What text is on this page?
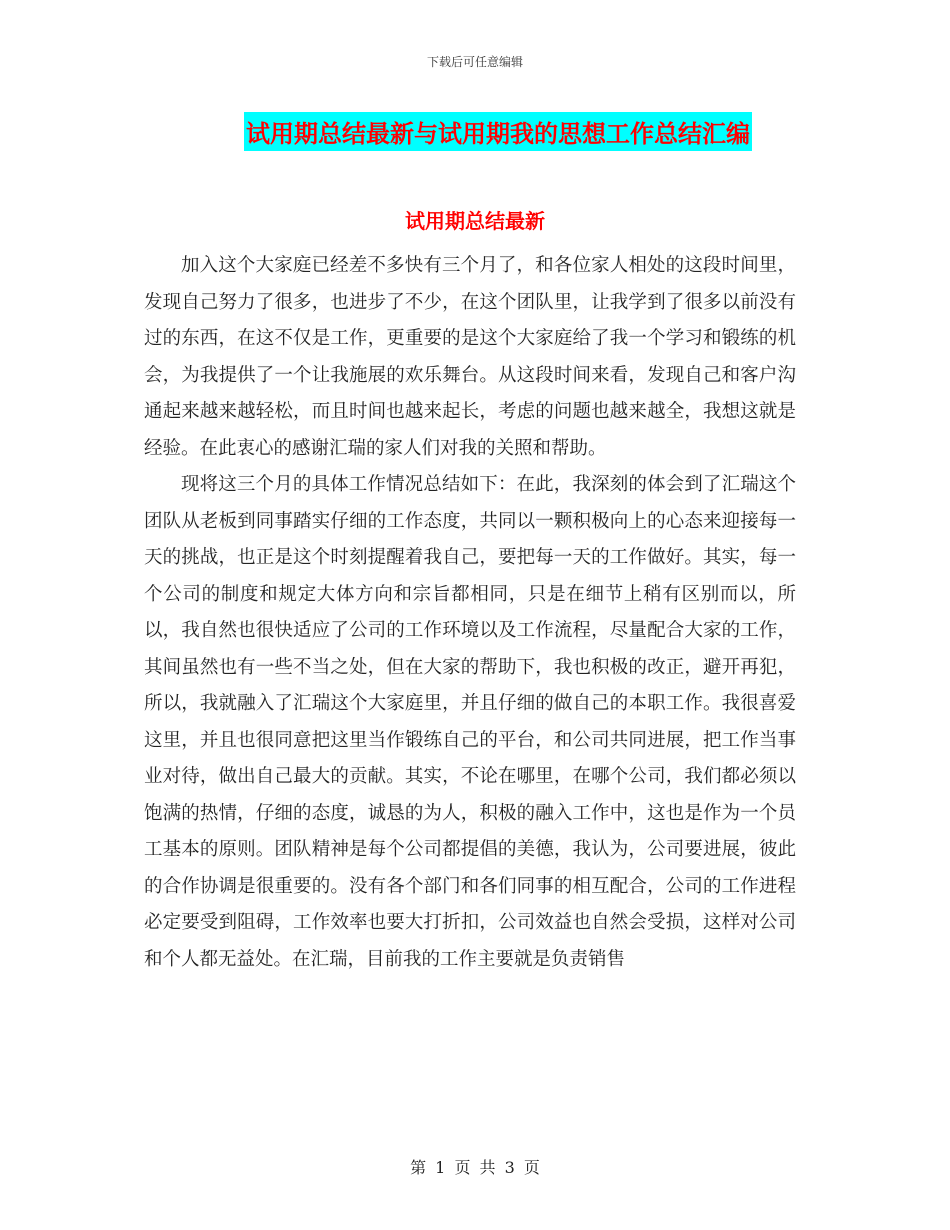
下载后可任意编辑
试用期总结最新与试用期我的思想工作总结汇编
试用期总结最新

加入这个大家庭已经差不多快有三个月了，和各位家人相处的这段时间里，发现自己努力了很多，也进步了不少，在这个团队里，让我学到了很多以前没有过的东西，在这不仅是工作，更重要的是这个大家庭给了我一个学习和锻练的机会，为我提供了一个让我施展的欢乐舞台。从这段时间来看，发现自己和客户沟通起来越来越轻松，而且时间也越来起长，考虑的问题也越来越全，我想这就是经验。在此衷心的感谢汇瑞的家人们对我的关照和帮助。

现将这三个月的具体工作情况总结如下：在此，我深刻的体会到了汇瑞这个团队从老板到同事踏实仔细的工作态度，共同以一颗积极向上的心态来迎接每一天的挑战，也正是这个时刻提醒着我自己，要把每一天的工作做好。其实，每一个公司的制度和规定大体方向和宗旨都相同，只是在细节上稍有区别而以，所以，我自然也很快适应了公司的工作环境以及工作流程，尽量配合大家的工作，其间虽然也有一些不当之处，但在大家的帮助下，我也积极的改正，避开再犯，所以，我就融入了汇瑞这个大家庭里，并且仔细的做自己的本职工作。我很喜爱这里，并且也很同意把这里当作锻练自己的平台，和公司共同进展，把工作当事业对待，做出自己最大的贡献。其实，不论在哪里，在哪个公司，我们都必须以饱满的热情，仔细的态度，诚恳的为人，积极的融入工作中，这也是作为一个员工基本的原则。团队精神是每个公司都提倡的美德，我认为，公司要进展，彼此的合作协调是很重要的。没有各个部门和各们同事的相互配合，公司的工作进程必定要受到阻碍，工作效率也要大打折扣，公司效益也自然会受损，这样对公司和个人都无益处。在汇瑞，目前我的工作主要就是负责销售

第 1 页 共 3 页
